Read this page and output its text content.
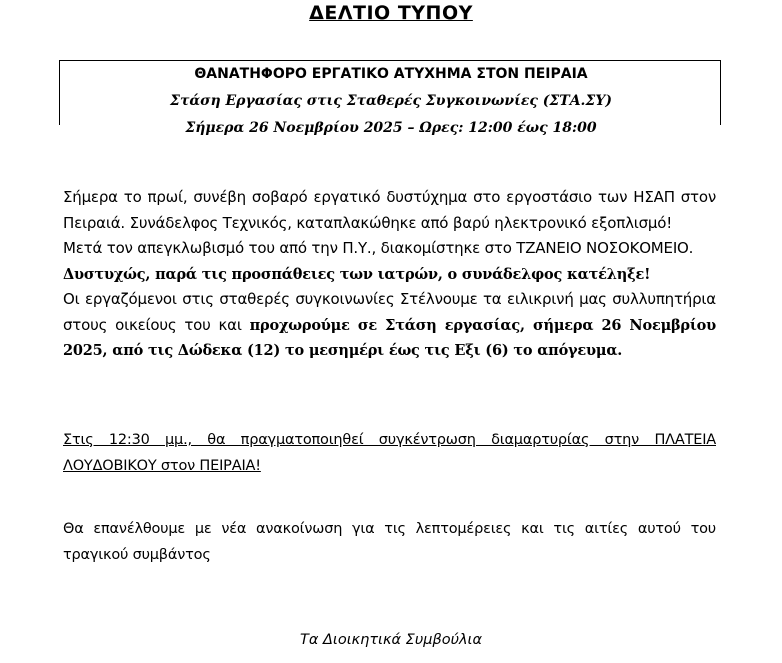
ΔΕΛΤΙΟ ΤΥΠΟΥ
ΘΑΝΑΤΗΦΟΡΟ ΕΡΓΑΤΙΚΟ ΑΤΥΧΗΜΑ ΣΤΟΝ ΠΕΙΡΑΙΑ
Στάση Εργασίας στις Σταθερές Συγκοινωνίες (ΣΤΑ.ΣΥ)
Σήμερα 26 Νοεμβρίου 2025 – Ωρες: 12:00 έως 18:00
Σήμερα το πρωί, συνέβη σοβαρό εργατικό δυστύχημα στο εργοστάσιο των ΗΣΑΠ στον
Πειραιά. Συνάδελφος Τεχνικός, καταπλακώθηκε από βαρύ ηλεκτρονικό εξοπλισμό!
Μετά τον απεγκλωβισμό του από την Π.Υ., διακομίστηκε στο ΤΖΑΝΕΙΟ ΝΟΣΟΚΟΜΕΙΟ.
Δυστυχώς, παρά τις προσπάθειες των ιατρών, ο συνάδελφος κατέληξε!
Οι εργαζόμενοι στις σταθερές συγκοινωνίες Στέλνουμε τα ειλικρινή μας συλλυπητήρια
στους οικείους του και προχωρούμε σε Στάση εργασίας, σήμερα 26 Νοεμβρίου
2025, από τις Δώδεκα (12) το μεσημέρι έως τις Εξι (6) το απόγευμα.
Στις 12:30 μμ., θα πραγματοποιηθεί συγκέντρωση διαμαρτυρίας στην ΠΛΑΤΕΙΑ
ΛΟΥΔΟΒΙΚΟΥ στον ΠΕΙΡΑΙΑ!
Θα επανέλθουμε με νέα ανακοίνωση για τις λεπτομέρειες και τις αιτίες αυτού του
τραγικού συμβάντος
Τα Διοικητικά Συμβούλια
